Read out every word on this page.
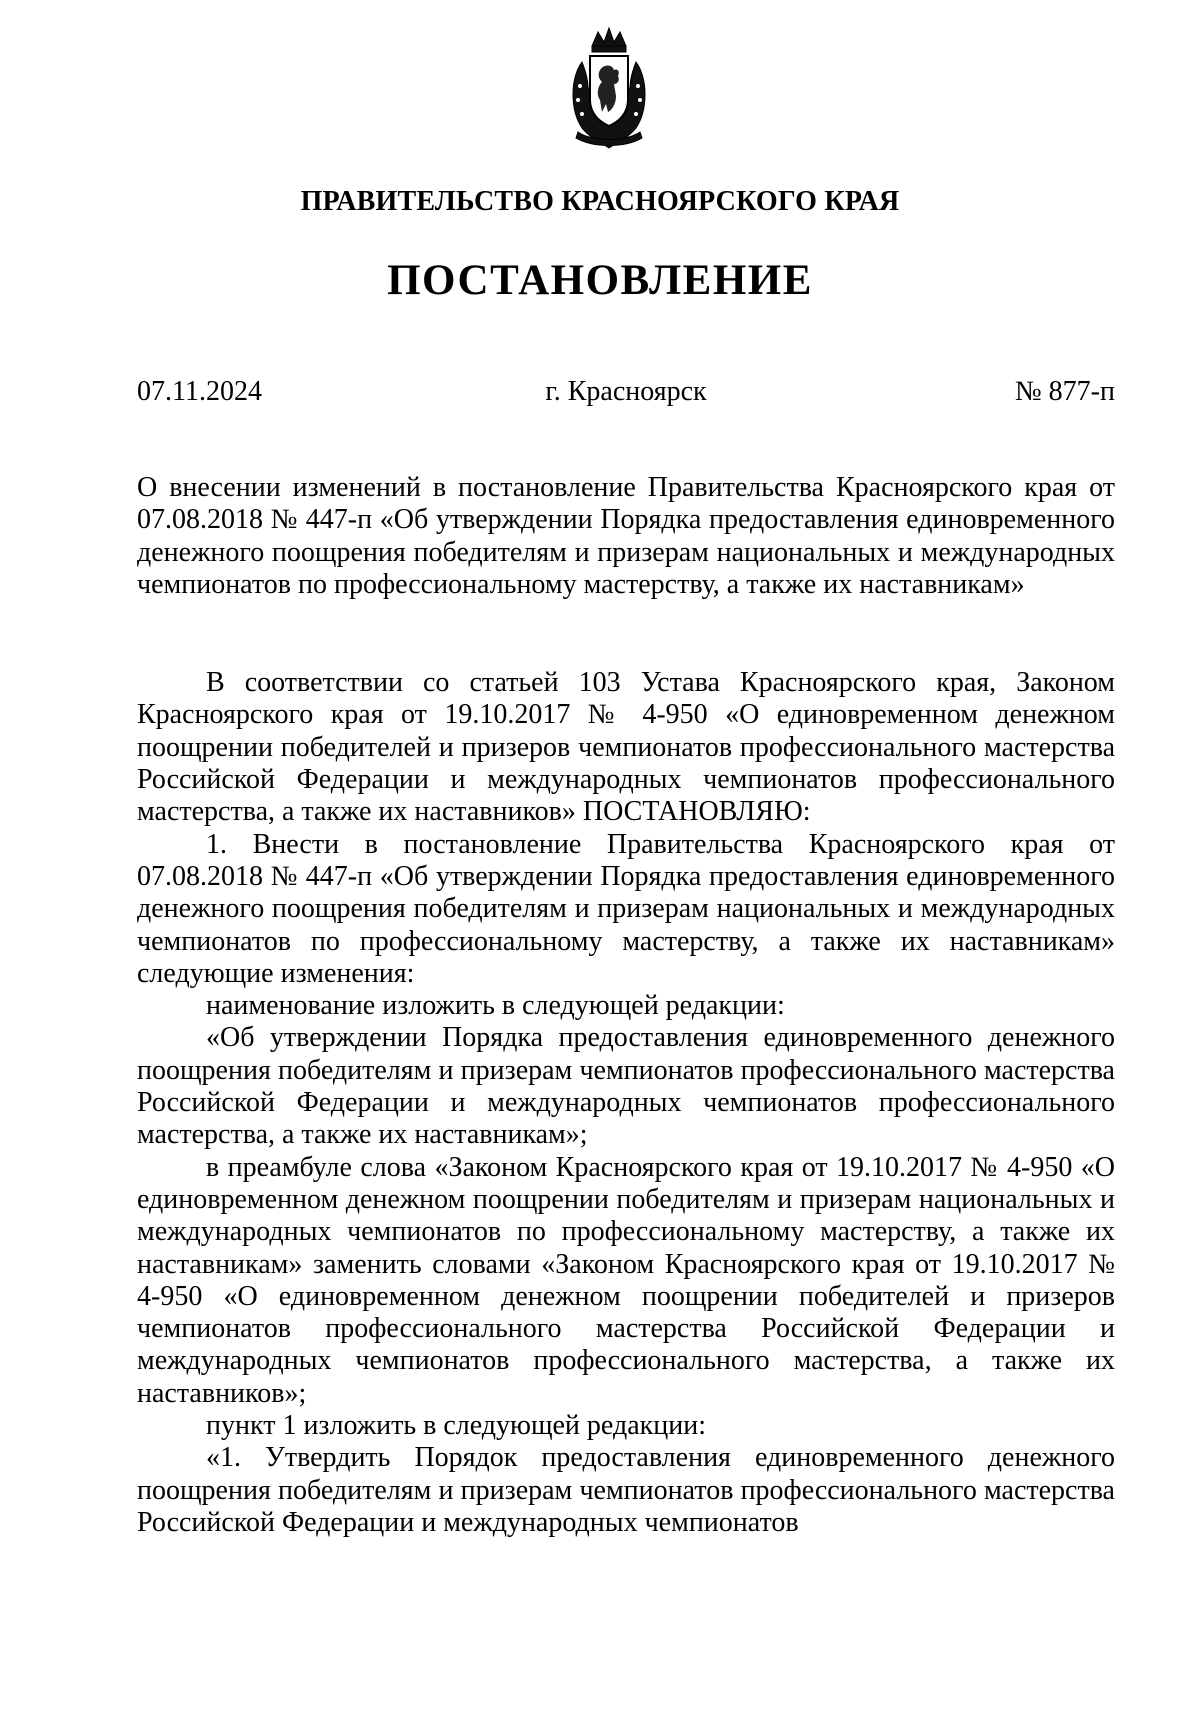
ПРАВИТЕЛЬСТВО КРАСНОЯРСКОГО КРАЯ
ПОСТАНОВЛЕНИЕ
07.11.2024	г. Красноярск	№ 877-п

О внесении изменений в постановление Правительства Красноярского края от 07.08.2018 № 447-п «Об утверждении Порядка предоставления единовременного денежного поощрения победителям и призерам национальных и международных чемпионатов по профессиональному мастерству, а также их наставникам»

В соответствии со статьей 103 Устава Красноярского края, Законом Красноярского края от 19.10.2017 № 4-950 «О единовременном денежном поощрении победителей и призеров чемпионатов профессионального мастерства Российской Федерации и международных чемпионатов профессионального мастерства, а также их наставников» ПОСТАНОВЛЯЮ:

1. Внести в постановление Правительства Красноярского края от 07.08.2018 № 447-п «Об утверждении Порядка предоставления единовременного денежного поощрения победителям и призерам национальных и международных чемпионатов по профессиональному мастерству, а также их наставникам» следующие изменения:

наименование изложить в следующей редакции:

«Об утверждении Порядка предоставления единовременного денежного поощрения победителям и призерам чемпионатов профессионального мастерства Российской Федерации и международных чемпионатов профессионального мастерства, а также их наставникам»;

в преамбуле слова «Законом Красноярского края от 19.10.2017 № 4-950 «О единовременном денежном поощрении победителям и призерам национальных и международных чемпионатов по профессиональному мастерству, а также их наставникам» заменить словами «Законом Красноярского края от 19.10.2017 № 4-950 «О единовременном денежном поощрении победителей и призеров чемпионатов профессионального мастерства Российской Федерации и международных чемпионатов профессионального мастерства, а также их наставников»;

пункт 1 изложить в следующей редакции:

«1. Утвердить Порядок предоставления единовременного денежного поощрения победителям и призерам чемпионатов профессионального мастерства Российской Федерации и международных чемпионатов
